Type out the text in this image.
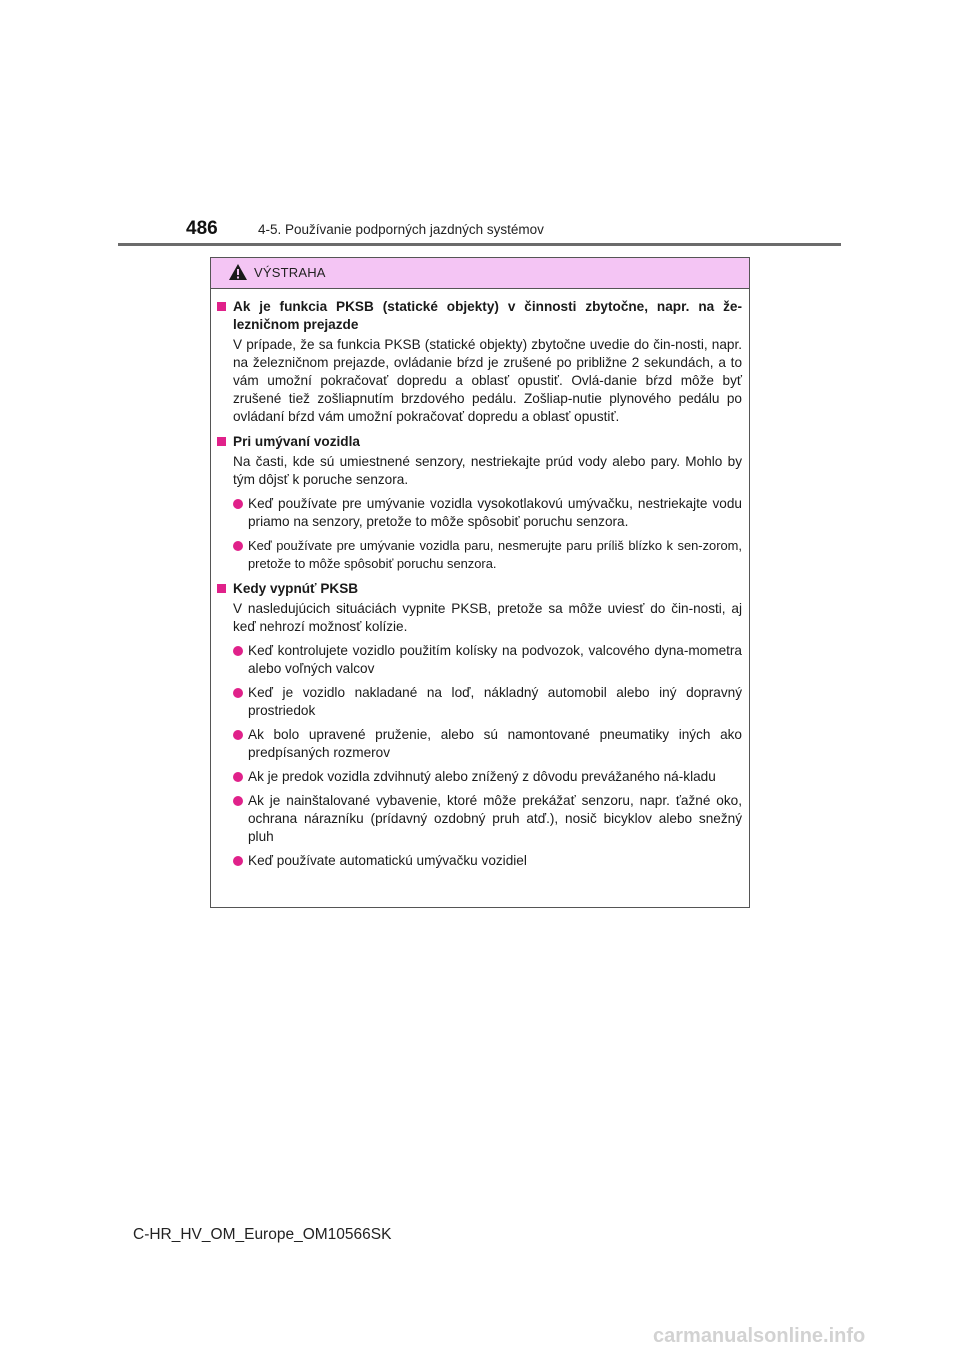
486	4-5. Používanie podporných jazdných systémov
VÝSTRAHA
Ak je funkcia PKSB (statické objekty) v činnosti zbytočne, napr. na že-lezničnom prejazde
V prípade, že sa funkcia PKSB (statické objekty) zbytočne uvedie do čin-nosti, napr. na železničnom prejazde, ovládanie bŕzd je zrušené po približne 2 sekundách, a to vám umožní pokračovať dopredu a oblasť opustiť. Ovlá-danie bŕzd môže byť zrušené tiež zošliapnutím brzdového pedálu. Zošliap-nutie plynového pedálu po ovládaní bŕzd vám umožní pokračovať dopredu a oblasť opustiť.
Pri umývaní vozidla
Na časti, kde sú umiestnené senzory, nestriekajte prúd vody alebo pary. Mohlo by tým dôjsť k poruche senzora.
Keď používate pre umývanie vozidla vysokotlakovú umývačku, nestriekajte vodu priamo na senzory, pretože to môže spôsobiť poruchu senzora.
Keď používate pre umývanie vozidla paru, nesmerujte paru príliš blízko k sen-zorom, pretože to môže spôsobiť poruchu senzora.
Kedy vypnúť PKSB
V nasledujúcich situáciách vypnite PKSB, pretože sa môže uviesť do čin-nosti, aj keď nehrozí možnosť kolízie.
Keď kontrolujete vozidlo použitím kolísky na podvozok, valcového dyna-mometra alebo voľných valcov
Keď je vozidlo nakladané na loď, nákladný automobil alebo iný dopravný prostriedok
Ak bolo upravené pruženie, alebo sú namontované pneumatiky iných ako predpísaných rozmerov
Ak je predok vozidla zdvihnutý alebo znížený z dôvodu prevážaného ná-kladu
Ak je nainštalované vybavenie, ktoré môže prekážať senzoru, napr. ťažné oko, ochrana nárazníku (prídavný ozdobný pruh atď.), nosič bicyklov alebo snežný pluh
Keď používate automatickú umývačku vozidiel
C-HR_HV_OM_Europe_OM10566SK
carmanualsonline.info
